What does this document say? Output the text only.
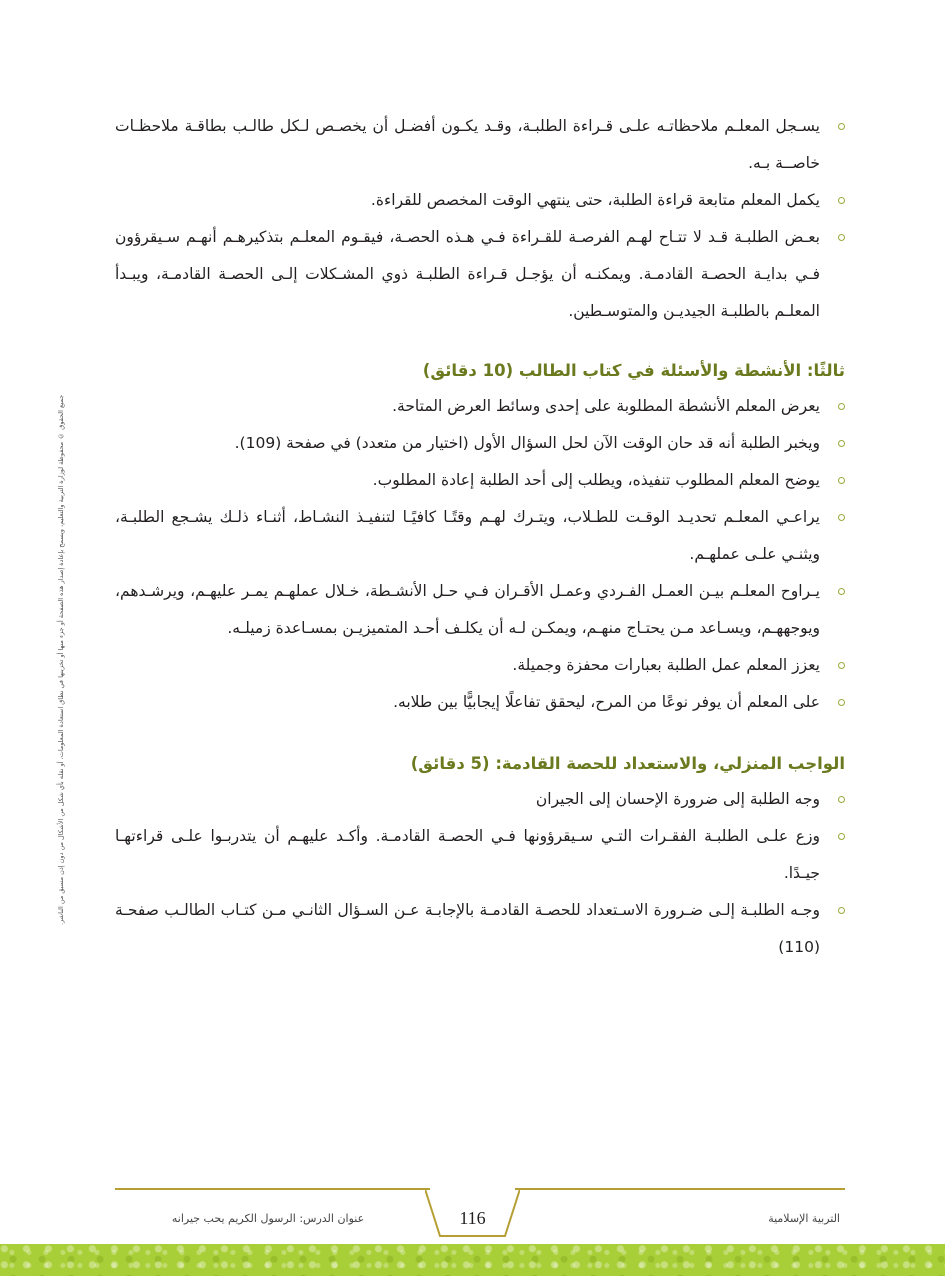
جميع الحقوق © محفوظة لوزارة التربية والتعليم، ويسمح بإعادة إصدار هذه الصفحة أو جزء منها أو تخزينها في نطاق استعادة المعلومات، أو نقله بأي شكل من الأشكال من دون إذن مسبق من الناشر.
يسـجل المعلـم ملاحظاتـه علـى قـراءة الطلبـة، وقـد يكـون أفضـل أن يخصـص لـكل طالـب بطاقـة ملاحظـات خاصــة بـه.
يكمل المعلم متابعة قراءة الطلبة، حتى ينتهي الوقت المخصص للقراءة.
بعـض الطلبـة قـد لا تتـاح لهـم الفرصـة للقـراءة فـي هـذه الحصـة، فيقـوم المعلـم بتذكيرهـم أنهـم سـيقرؤون فـي بدايـة الحصـة القادمـة. ويمكنـه أن يؤجـل قـراءة الطلبـة ذوي المشـكلات إلـى الحصـة القادمـة، ويبـدأ المعلـم بالطلبـة الجيديـن والمتوسـطين.
ثالثًا: الأنشطة والأسئلة في كتاب الطالب (10 دقائق)
يعرض المعلم الأنشطة المطلوبة على إحدى وسائط العرض المتاحة.
ويخبر الطلبة أنه قد حان الوقت الآن لحل السؤال الأول (اختيار من متعدد) في صفحة (109).
يوضح المعلم المطلوب تنفيذه، ويطلب إلى أحد الطلبة إعادة المطلوب.
يراعـي المعلـم تحديـد الوقـت للطـلاب، ويتـرك لهـم وقتًـا كافيًـا لتنفيـذ النشـاط، أثنـاء ذلـك يشـجع الطلبـة، ويثنـي علـى عملهـم.
يـراوح المعلـم بيـن العمـل الفـردي وعمـل الأقـران فـي حـل الأنشـطة، خـلال عملهـم يمـر عليهـم، ويرشـدهم، ويوجههـم، ويسـاعد مـن يحتـاج منهـم، ويمكـن لـه أن يكلـف أحـد المتميزيـن بمسـاعدة زميلـه.
يعزز المعلم عمل الطلبة بعبارات محفزة وجميلة.
على المعلم أن يوفر نوعًا من المرح، ليحقق تفاعلًا إيجابيًّا بين طلابه.
الواجب المنزلي، والاستعداد للحصة القادمة: (5 دقائق)
وجه الطلبة إلى ضرورة الإحسان إلى الجيران
وزع علـى الطلبـة الفقـرات التـي سـيقرؤونها فـي الحصـة القادمـة. وأكـد عليهـم أن يتدربـوا علـى قراءتهـا جيـدًا.
وجـه الطلبـة إلـى ضـرورة الاسـتعداد للحصـة القادمـة بالإجابـة عـن السـؤال الثانـي مـن كتـاب الطالـب صفحـة (110)
116
عنوان الدرس: الرسول الكريم يحب جيرانه	التربية الإسلامية
